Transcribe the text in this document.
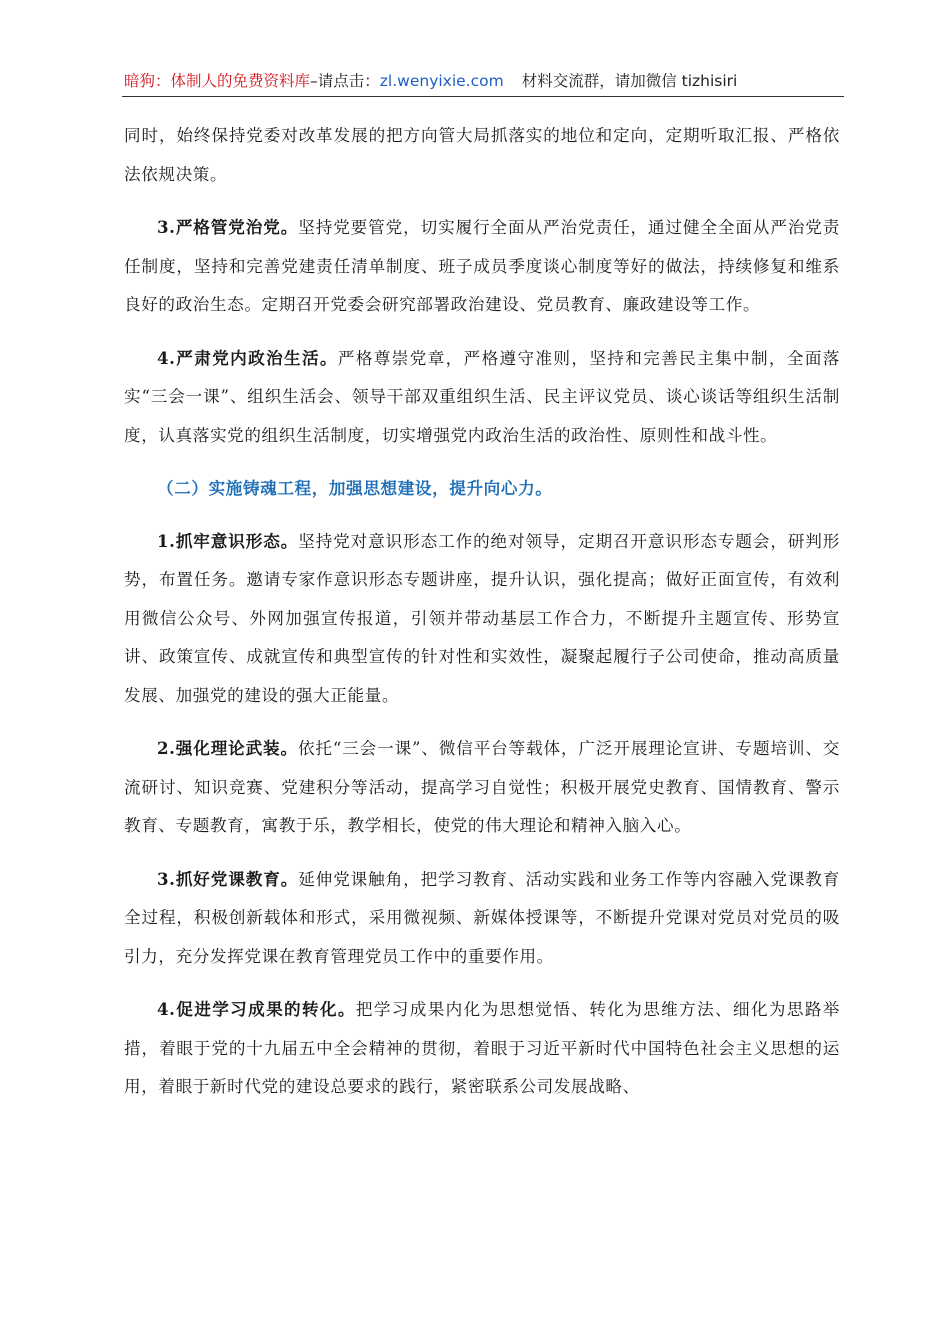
暗狗：体制人的免费资料库–请点击：zl.wenyixie.com 材料交流群，请加微信 tizhisiri

同时，始终保持党委对改革发展的把方向管大局抓落实的地位和定向，定期听取汇报、严格依法依规决策。

3.严格管党治党。坚持党要管党，切实履行全面从严治党责任，通过健全全面从严治党责任制度，坚持和完善党建责任清单制度、班子成员季度谈心制度等好的做法，持续修复和维系良好的政治生态。定期召开党委会研究部署政治建设、党员教育、廉政建设等工作。

4.严肃党内政治生活。严格尊崇党章，严格遵守准则，坚持和完善民主集中制，全面落实“三会一课”、组织生活会、领导干部双重组织生活、民主评议党员、谈心谈话等组织生活制度，认真落实党的组织生活制度，切实增强党内政治生活的政治性、原则性和战斗性。

（二）实施铸魂工程，加强思想建设，提升向心力。

1.抓牢意识形态。坚持党对意识形态工作的绝对领导，定期召开意识形态专题会，研判形势，布置任务。邀请专家作意识形态专题讲座，提升认识，强化提高；做好正面宣传，有效利用微信公众号、外网加强宣传报道，引领并带动基层工作合力，不断提升主题宣传、形势宣讲、政策宣传、成就宣传和典型宣传的针对性和实效性，凝聚起履行子公司使命，推动高质量发展、加强党的建设的强大正能量。

2.强化理论武装。依托“三会一课”、微信平台等载体，广泛开展理论宣讲、专题培训、交流研讨、知识竞赛、党建积分等活动，提高学习自觉性；积极开展党史教育、国情教育、警示教育、专题教育，寓教于乐，教学相长，使党的伟大理论和精神入脑入心。

3.抓好党课教育。延伸党课触角，把学习教育、活动实践和业务工作等内容融入党课教育全过程，积极创新载体和形式，采用微视频、新媒体授课等，不断提升党课对党员对党员的吸引力，充分发挥党课在教育管理党员工作中的重要作用。

4.促进学习成果的转化。把学习成果内化为思想觉悟、转化为思维方法、细化为思路举措，着眼于党的十九届五中全会精神的贯彻，着眼于习近平新时代中国特色社会主义思想的运用，着眼于新时代党的建设总要求的践行，紧密联系公司发展战略、
